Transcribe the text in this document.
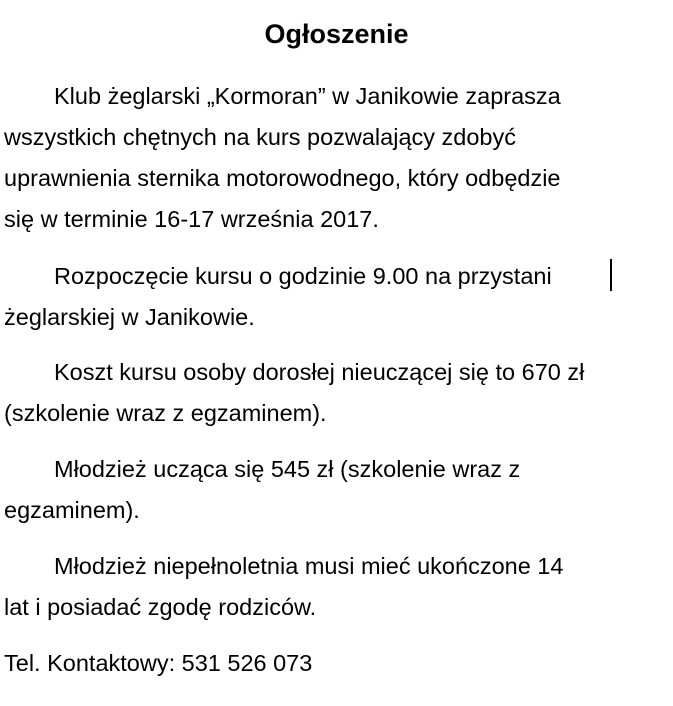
Ogłoszenie

Klub żeglarski „Kormoran” w Janikowie zaprasza
wszystkich chętnych na kurs pozwalający zdobyć
uprawnienia sternika motorowodnego, który odbędzie
się w terminie 16-17 września 2017.

Rozpoczęcie kursu o godzinie 9.00 na przystani
żeglarskiej w Janikowie.

Koszt kursu osoby dorosłej nieuczącej się to 670 zł
(szkolenie wraz z egzaminem).

Młodzież ucząca się 545 zł (szkolenie wraz z
egzaminem).

Młodzież niepełnoletnia musi mieć ukończone 14
lat i posiadać zgodę rodziców.

Tel. Kontaktowy: 531 526 073
